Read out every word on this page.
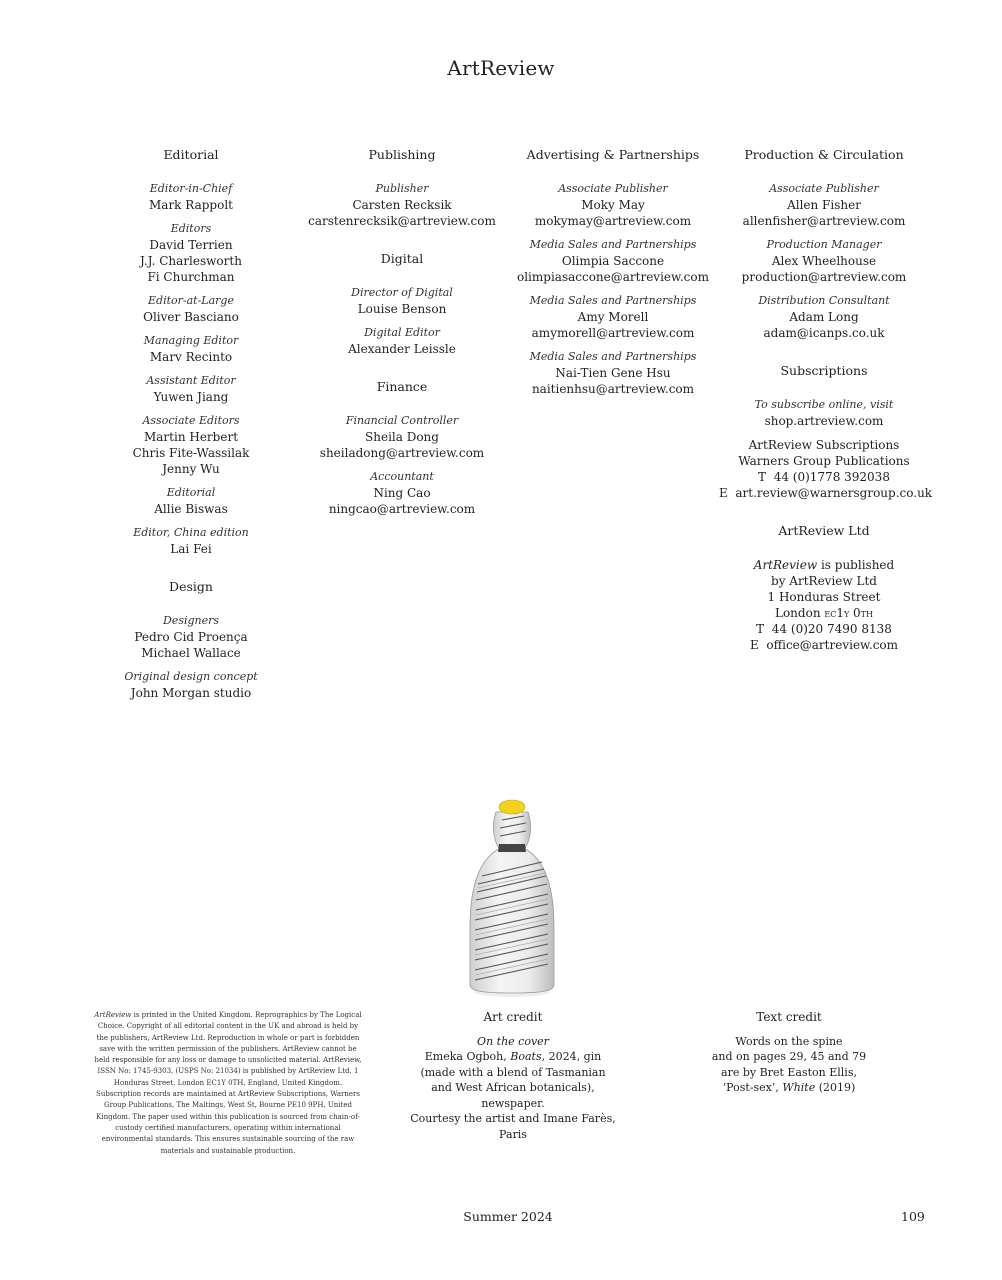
ArtReview
Editorial
Editor-in-Chief
Mark Rappolt
Editors
David Terrien
J.J. Charlesworth
Fi Churchman
Editor-at-Large
Oliver Basciano
Managing Editor
Marv Recinto
Assistant Editor
Yuwen Jiang
Associate Editors
Martin Herbert
Chris Fite-Wassilak
Jenny Wu
Editorial
Allie Biswas
Editor, China edition
Lai Fei
Design
Designers
Pedro Cid Proença
Michael Wallace
Original design concept
John Morgan studio
Publishing
Publisher
Carsten Recksik
carstenrecksik@artreview.com
Digital
Director of Digital
Louise Benson
Digital Editor
Alexander Leissle
Finance
Financial Controller
Sheila Dong
sheiladong@artreview.com
Accountant
Ning Cao
ningcao@artreview.com
Advertising & Partnerships
Associate Publisher
Moky May
mokymay@artreview.com
Media Sales and Partnerships
Olimpia Saccone
olimpiasaccone@artreview.com
Media Sales and Partnerships
Amy Morell
amymorell@artreview.com
Media Sales and Partnerships
Nai-Tien Gene Hsu
naitienhsu@artreview.com
Production & Circulation
Associate Publisher
Allen Fisher
allenfisher@artreview.com
Production Manager
Alex Wheelhouse
production@artreview.com
Distribution Consultant
Adam Long
adam@icanps.co.uk
Subscriptions
To subscribe online, visit
shop.artreview.com
ArtReview Subscriptions
Warners Group Publications
T 44 (0)1778 392038
E art.review@warnersgroup.co.uk
ArtReview Ltd
ArtReview is published
by ArtReview Ltd
1 Honduras Street
London ec1y 0th
T 44 (0)20 7490 8138
E office@artreview.com
ArtReview is printed in the United Kingdom. Reprographics by The Logical Choice. Copyright of all editorial content in the UK and abroad is held by the publishers, ArtReview Ltd. Reproduction in whole or part is forbidden save with the written permission of the publishers. ArtReview cannot be held responsible for any loss or damage to unsolicited material. ArtReview, ISSN No: 1745-9303, (USPS No: 21034) is published by ArtReview Ltd, 1 Honduras Street, London EC1Y 0TH, England, United Kingdom. Subscription records are maintained at ArtReview Subscriptions, Warners Group Publications, The Maltings, West St, Bourne PE10 9PH, United Kingdom. The paper used within this publication is sourced from chain-of-custody certified manufacturers, operating within international environmental standards. This ensures sustainable sourcing of the raw materials and sustainable production.
Art credit
On the cover
Emeka Ogboh, Boats, 2024, gin
(made with a blend of Tasmanian
and West African botanicals), newspaper.
Courtesy the artist and Imane Farès, Paris
Text credit
Words on the spine
and on pages 29, 45 and 79
are by Bret Easton Ellis,
‘Post-sex’, White (2019)
Summer 2024	109
